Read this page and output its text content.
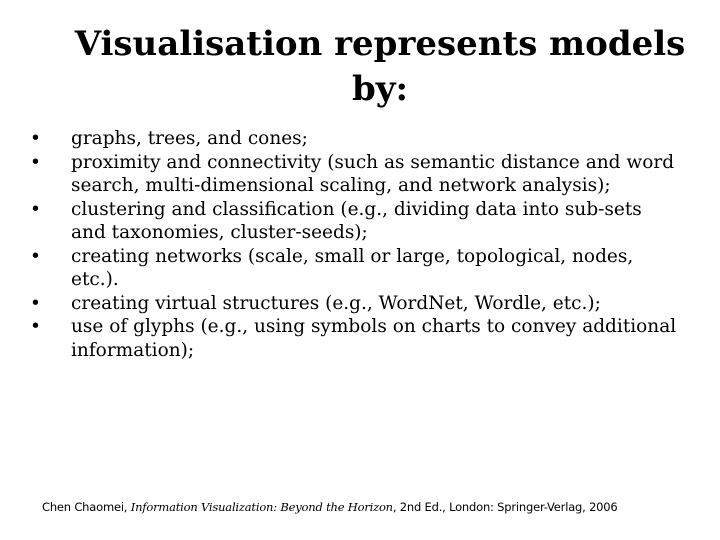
Visualisation represents models
by:
•	graphs, trees, and cones;
•	proximity and connectivity (such as semantic distance and word search, multi-dimensional scaling, and network analysis);
•	clustering and classification (e.g., dividing data into sub-sets and taxonomies, cluster-seeds);
•	creating networks (scale, small or large, topological, nodes, etc.).
•	creating virtual structures (e.g., WordNet, Wordle, etc.);
•	use of glyphs (e.g., using symbols on charts to convey additional information);
Chen Chaomei, Information Visualization: Beyond the Horizon, 2nd Ed., London: Springer-Verlag, 2006
